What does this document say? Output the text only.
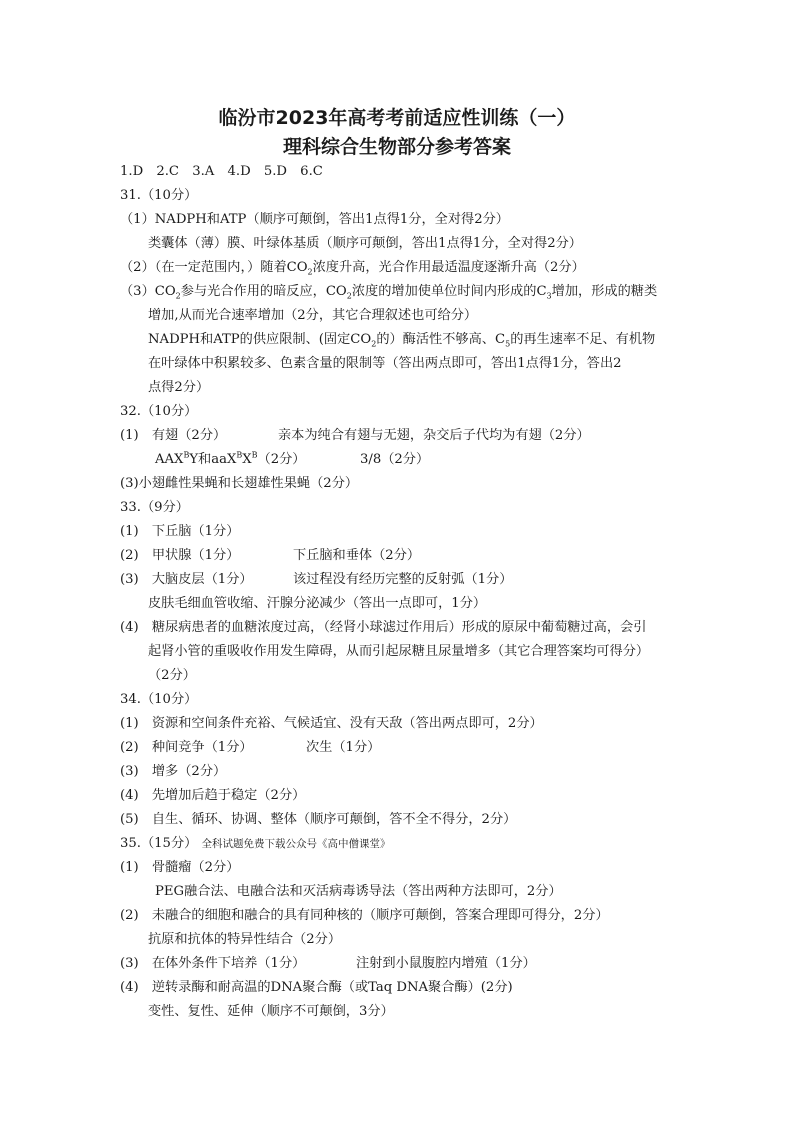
临汾市2023年高考考前适应性训练（一）
理科综合生物部分参考答案
1.D　2.C　3.A　4.D　5.D　6.C
31.（10分）
（1）NADPH和ATP（顺序可颠倒，答出1点得1分，全对得2分）
类囊体（薄）膜、叶绿体基质（顺序可颠倒，答出1点得1分，全对得2分）
（2）（在一定范围内，）随着$CO_2$浓度升高，光合作用最适温度逐渐升高（2分）
$(3)CO_2$参与光合作用的暗反应，$CO_2$浓度的增加使单位时间内形成的$C_3$增加，形成的糖类
增加,从而光合速率增加（2分，其它合理叙述也可给分）
NADPH和ATP的供应限制、(固定$CO_2$的）酶活性不够高、$C_5$的再生速率不足、有机物
在叶绿体中积累较多、色素含量的限制等（答出两点即可，答出1点得1分，答出2
点得2分）
32.（10分）
(1)　有翅（2分）	亲本为纯合有翅与无翅，杂交后子代均为有翅（2分）
$AAX^BY$和$aaX^BX^B(2$分）	3/8（2分）
(3)小翅雌性果蝇和长翅雄性果蝇（2分）
33.（9分）
(1)　下丘脑（1分）
(2)　甲状腺（1分）	下丘脑和垂体（2分）
(3)　大脑皮层（1分）	该过程没有经历完整的反射弧（1分）
皮肤毛细血管收缩、汗腺分泌减少（答出一点即可，1分）
(4)　糖尿病患者的血糖浓度过高，（经肾小球滤过作用后）形成的原尿中葡萄糖过高，会引
起肾小管的重吸收作用发生障碍，从而引起尿糖且尿量增多（其它合理答案均可得分）
（2分）
34.（10分）
(1)　资源和空间条件充裕、气候适宜、没有天敌（答出两点即可，2分）
(2)　种间竞争（1分）	次生（1分）
(3)　增多（2分）
(4)　先增加后趋于稳定（2分）
(5)　自生、循环、协调、整体（顺序可颠倒，答不全不得分，2分）
35.（15分） 全科试题免费下载公众号《高中僧课堂》
(1)　骨髓瘤（2分）
PEG融合法、电融合法和灭活病毒诱导法（答出两种方法即可，2分）
(2)　未融合的细胞和融合的具有同种核的（顺序可颠倒，答案合理即可得分，2分）
抗原和抗体的特异性结合（2分）
(3)　在体外条件下培养（1分）	注射到小鼠腹腔内增殖（1分）
(4)　逆转录酶和耐高温的DNA聚合酶（或Taq DNA聚合酶）(2分)
变性、复性、延伸（顺序不可颠倒，3分）
